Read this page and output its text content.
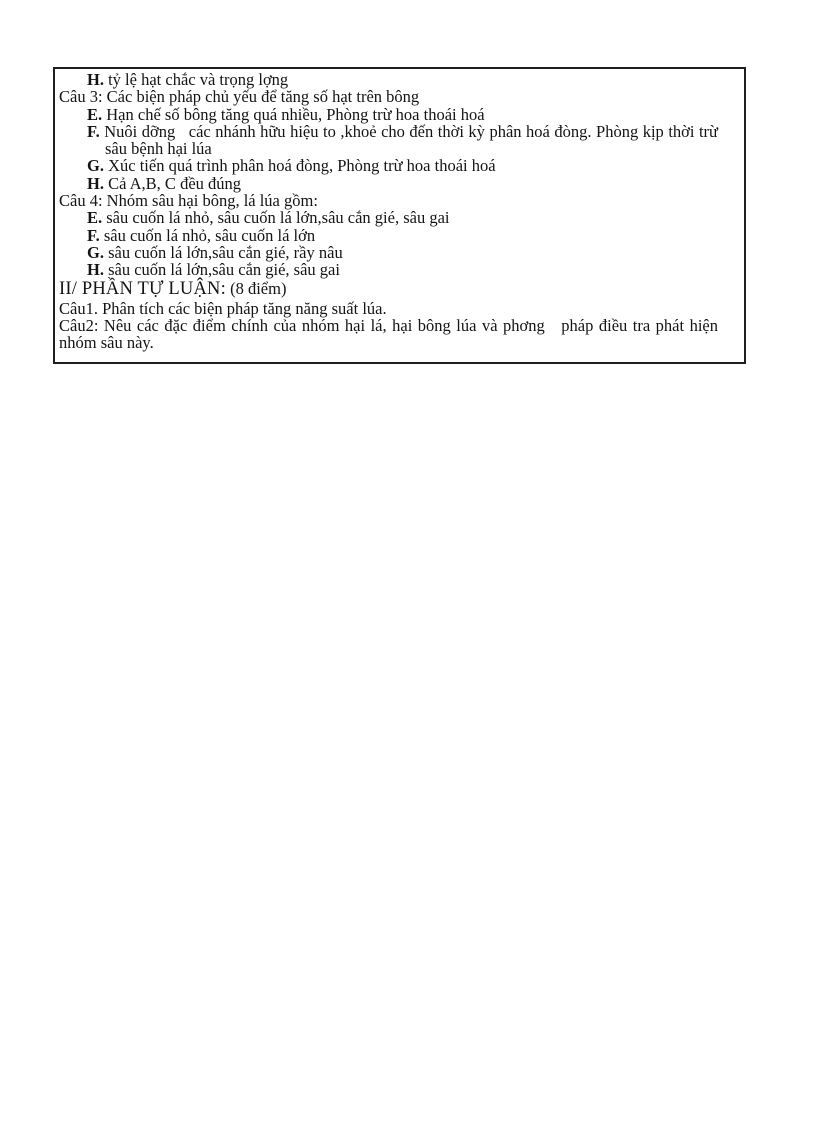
H. tỷ lệ hạt chắc và trọng lợng
Câu 3: Các biện pháp chủ yếu để tăng số hạt trên bông
E. Hạn chế số bông tăng quá nhiều, Phòng trừ hoa thoái hoá
F. Nuôi dỡng   các nhánh hữu hiệu to ,khoẻ cho đến thời kỳ phân hoá đòng. Phòng kịp thời trừ sâu bệnh hại lúa
G. Xúc tiến quá trình phân hoá đòng, Phòng trừ hoa thoái hoá
H. Cả A,B, C đều đúng
Câu 4: Nhóm sâu hại bông, lá lúa gồm:
E. sâu cuốn lá nhỏ, sâu cuốn lá lớn,sâu cắn gié, sâu gai
F. sâu cuốn lá nhỏ, sâu cuốn lá lớn
G. sâu cuốn lá lớn,sâu cắn gié, rầy nâu
H. sâu cuốn lá lớn,sâu cắn gié, sâu gai
II/ PHẦN TỰ LUẬN: (8 điểm)
Câu1. Phân tích các biện pháp tăng năng suất lúa.
Câu2: Nêu các đặc điểm chính của nhóm hại lá, hại bông lúa và phơng   pháp điều tra phát hiện nhóm sâu này.
